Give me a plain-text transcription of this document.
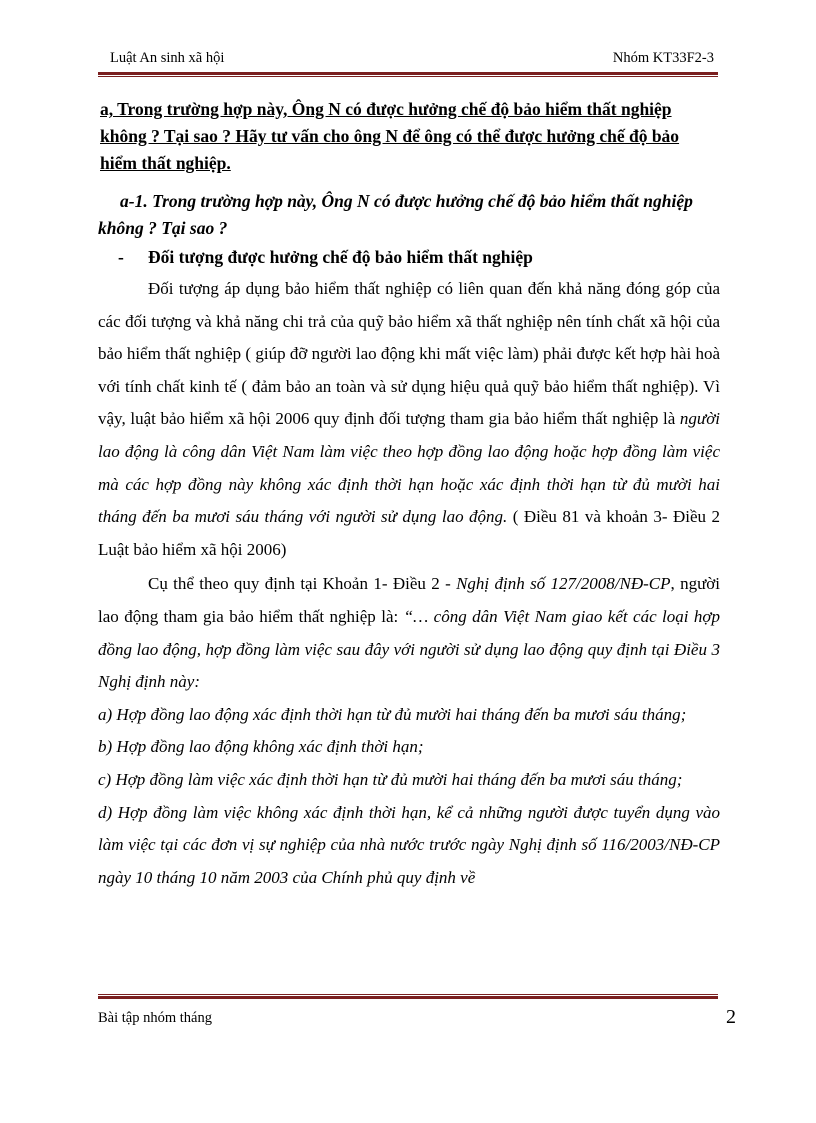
Luật An sinh xã hội	Nhóm KT33F2-3

a, Trong trường hợp này, Ông N có được hưởng chế độ bảo hiểm thất nghiệp không ? Tại sao ? Hãy tư vấn cho ông N để ông có thể được hưởng chế độ bảo hiểm thất nghiệp.

a-1. Trong trường hợp này, Ông N có được hưởng chế độ bảo hiểm thất nghiệp không ? Tại sao ?

- Đối tượng được hưởng chế độ bảo hiểm thất nghiệp

Đối tượng áp dụng bảo hiểm thất nghiệp có liên quan đến khả năng đóng góp của các đối tượng và khả năng chi trả của quỹ bảo hiểm xã thất nghiệp nên tính chất xã hội của bảo hiểm thất nghiệp ( giúp đỡ người lao động khi mất việc làm) phải được kết hợp hài hoà với tính chất kinh tế ( đảm bảo an toàn và sử dụng hiệu quả quỹ bảo hiểm thất nghiệp). Vì vậy, luật bảo hiểm xã hội 2006 quy định đối tượng tham gia bảo hiểm thất nghiệp là người lao động là công dân Việt Nam làm việc theo hợp đồng lao động hoặc hợp đồng làm việc mà các hợp đồng này không xác định thời hạn hoặc xác định thời hạn từ đủ mười hai tháng đến ba mươi sáu tháng với người sử dụng lao động. ( Điều 81 và khoản 3- Điều 2 Luật bảo hiểm xã hội 2006)

Cụ thể theo quy định tại Khoản 1- Điều 2 - Nghị định số 127/2008/NĐ-CP, người lao động tham gia bảo hiểm thất nghiệp là: “… công dân Việt Nam giao kết các loại hợp đồng lao động, hợp đồng làm việc sau đây với người sử dụng lao động quy định tại Điều 3 Nghị định này:

a) Hợp đồng lao động xác định thời hạn từ đủ mười hai tháng đến ba mươi sáu tháng;

b) Hợp đồng lao động không xác định thời hạn;

c) Hợp đồng làm việc xác định thời hạn từ đủ mười hai tháng đến ba mươi sáu tháng;

d) Hợp đồng làm việc không xác định thời hạn, kể cả những người được tuyển dụng vào làm việc tại các đơn vị sự nghiệp của nhà nước trước ngày Nghị định số 116/2003/NĐ-CP ngày 10 tháng 10 năm 2003 của Chính phủ quy định về

Bài tập nhóm tháng	2
